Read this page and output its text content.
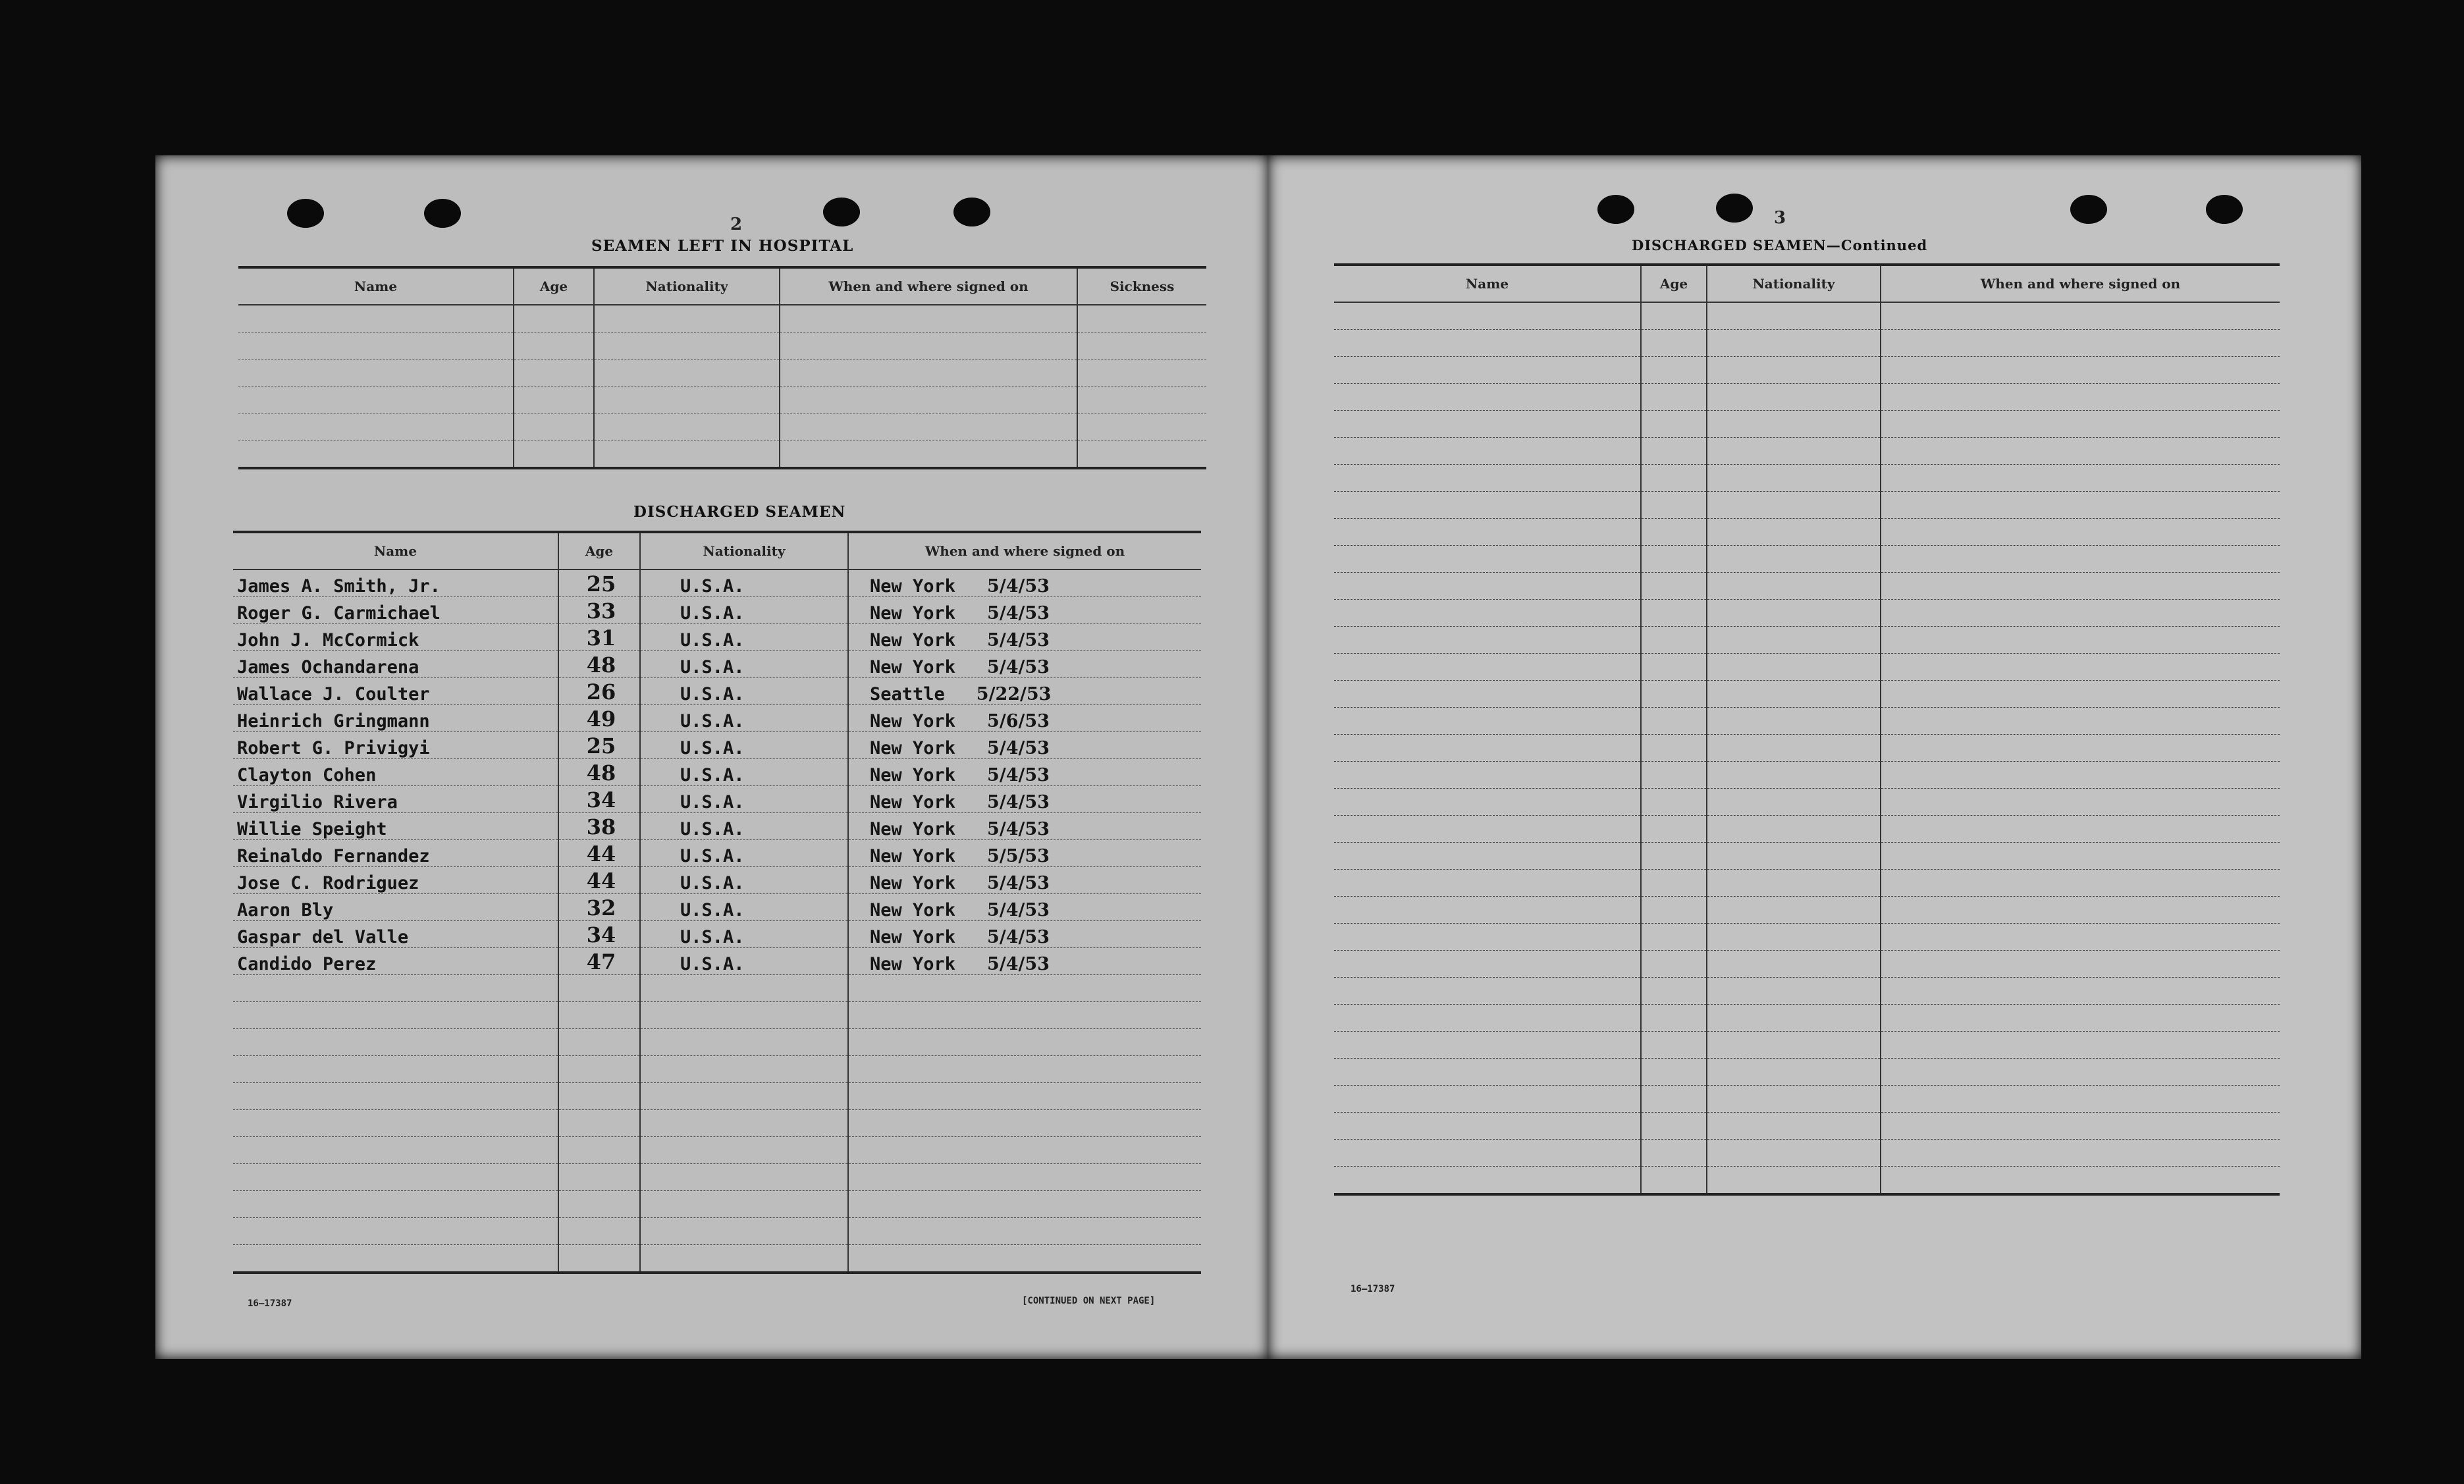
2
SEAMEN LEFT IN HOSPITAL
Name	Age	Nationality	When and where signed on	Sickness

DISCHARGED SEAMEN
Name	Age	Nationality	When and where signed on
James A. Smith, Jr.	25	U.S.A.	New York 5/4/53
Roger G. Carmichael	33	U.S.A.	New York 5/4/53
John J. McCormick	31	U.S.A.	New York 5/4/53
James Ochandarena	48	U.S.A.	New York 5/4/53
Wallace J. Coulter	26	U.S.A.	Seattle 5/22/53
Heinrich Gringmann	49	U.S.A.	New York 5/6/53
Robert G. Privigyi	25	U.S.A.	New York 5/4/53
Clayton Cohen	48	U.S.A.	New York 5/4/53
Virgilio Rivera	34	U.S.A.	New York 5/4/53
Willie Speight	38	U.S.A.	New York 5/4/53
Reinaldo Fernandez	44	U.S.A.	New York 5/5/53
Jose C. Rodriguez	44	U.S.A.	New York 5/4/53
Aaron Bly	32	U.S.A.	New York 5/4/53
Gaspar del Valle	34	U.S.A.	New York 5/4/53
Candido Perez	47	U.S.A.	New York 5/4/53

16—17387	[CONTINUED ON NEXT PAGE]
3
DISCHARGED SEAMEN—Continued
Name	Age	Nationality	When and where signed on

16—17387
